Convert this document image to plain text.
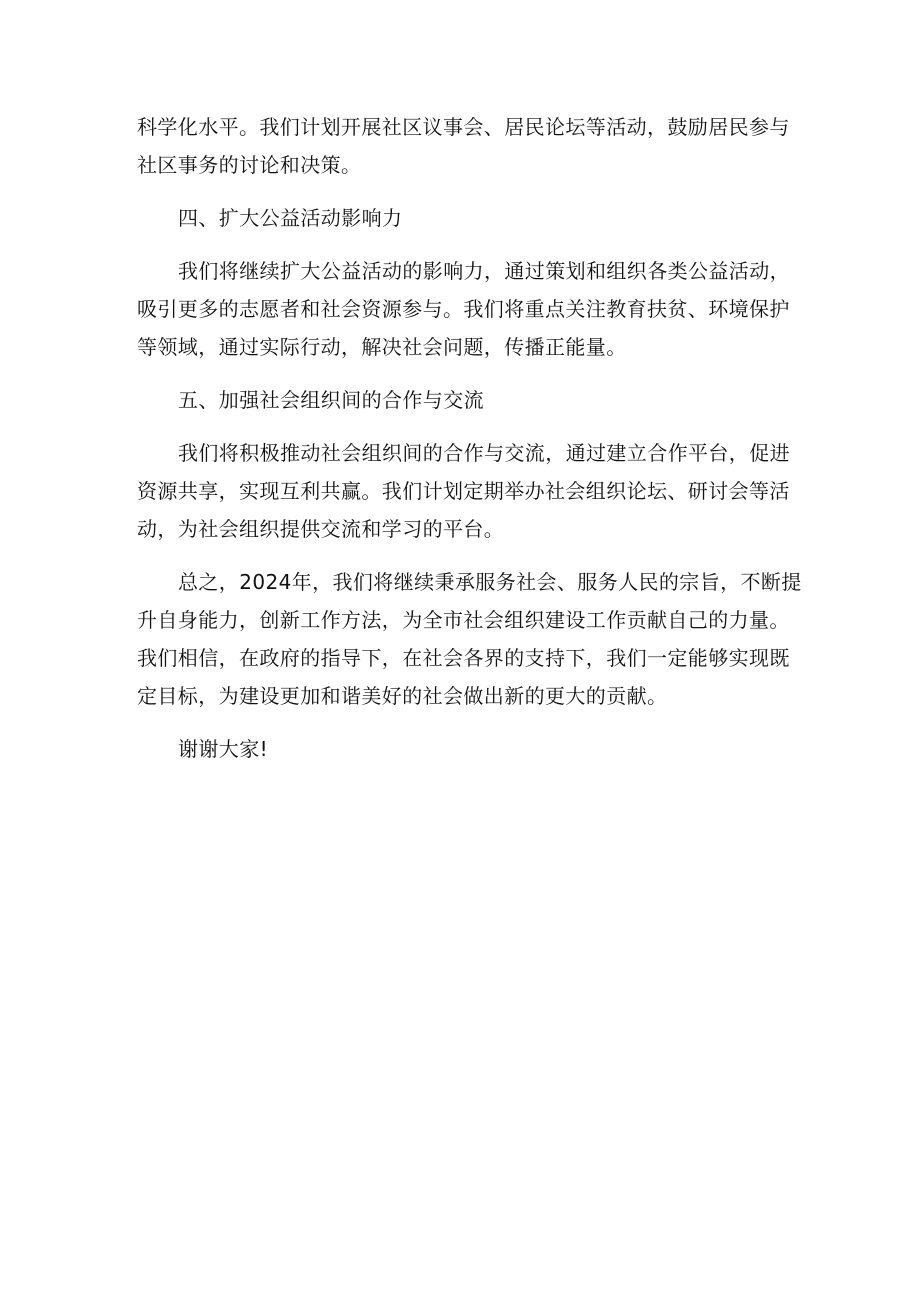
科学化水平。我们计划开展社区议事会、居民论坛等活动，鼓励居民参与
社区事务的讨论和决策。
四、扩大公益活动影响力
我们将继续扩大公益活动的影响力，通过策划和组织各类公益活动，
吸引更多的志愿者和社会资源参与。我们将重点关注教育扶贫、环境保护
等领域，通过实际行动，解决社会问题，传播正能量。
五、加强社会组织间的合作与交流
我们将积极推动社会组织间的合作与交流，通过建立合作平台，促进
资源共享，实现互利共赢。我们计划定期举办社会组织论坛、研讨会等活
动，为社会组织提供交流和学习的平台。
总之，2024年，我们将继续秉承服务社会、服务人民的宗旨，不断提
升自身能力，创新工作方法，为全市社会组织建设工作贡献自己的力量。
我们相信，在政府的指导下，在社会各界的支持下，我们一定能够实现既
定目标，为建设更加和谐美好的社会做出新的更大的贡献。
谢谢大家!
